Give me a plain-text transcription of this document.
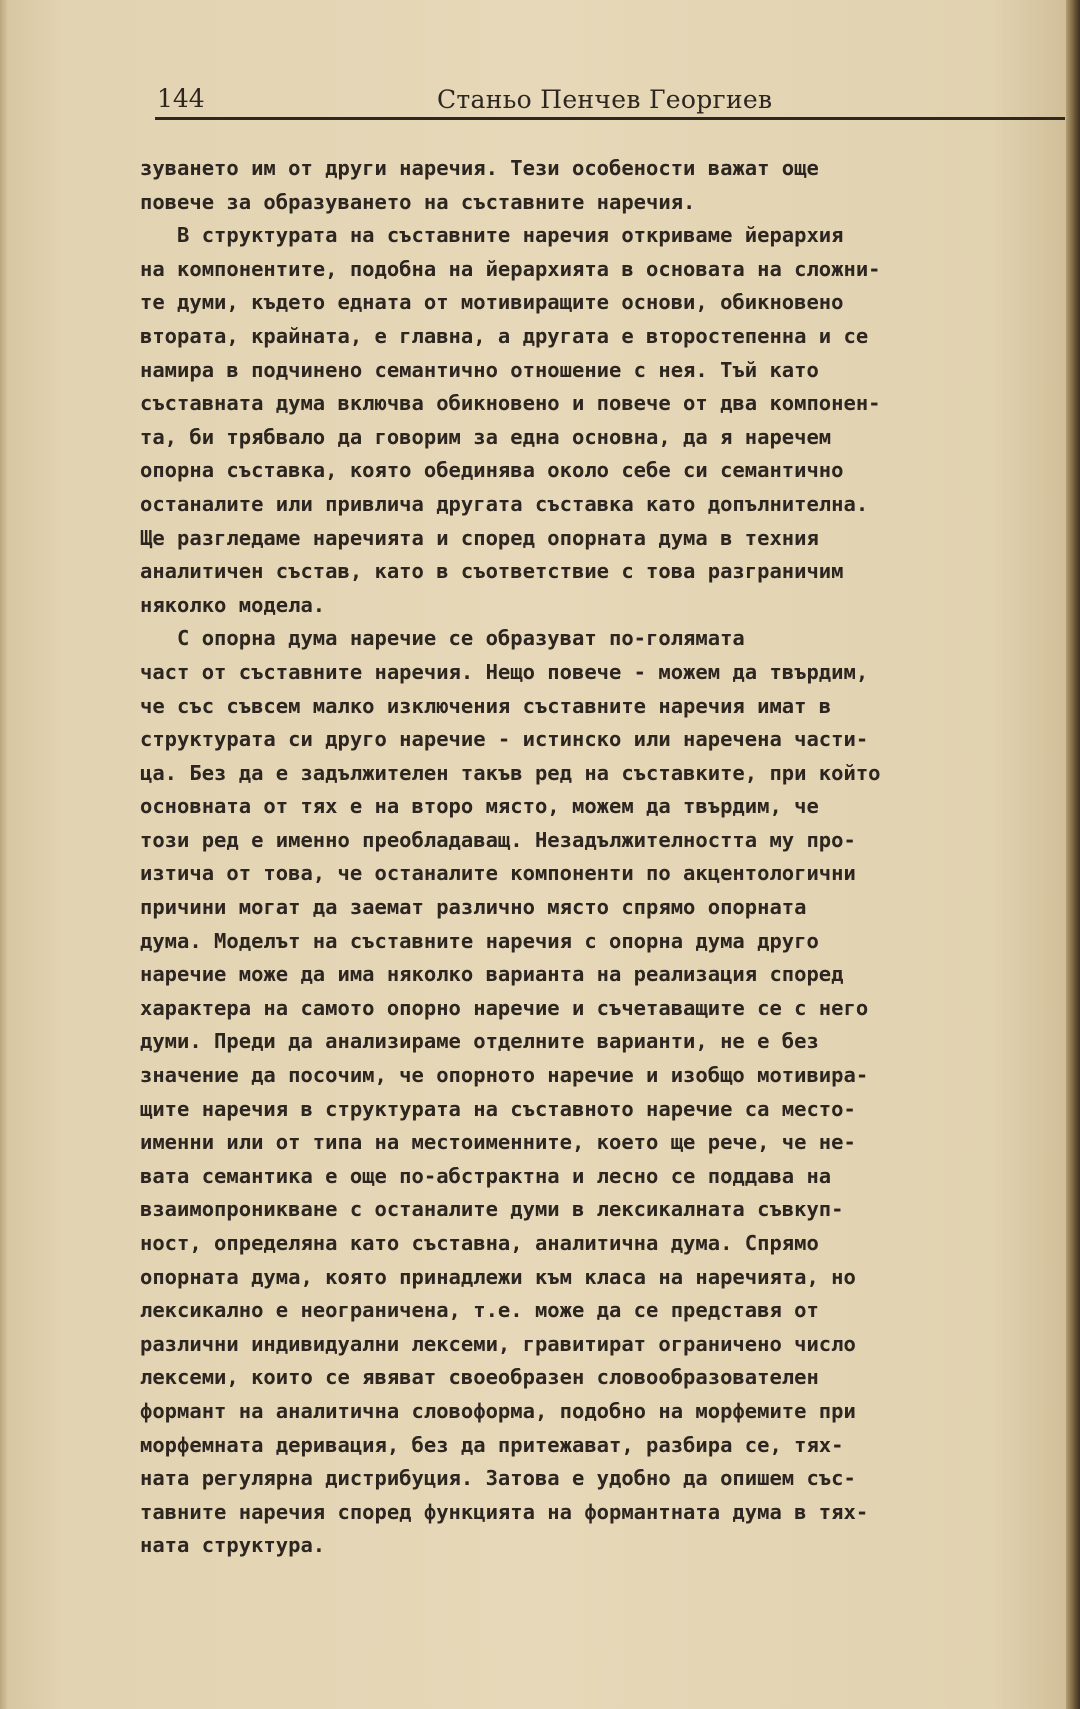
144	Станьо Пенчев Георгиев
зуването им от други наречия. Тези особености важат още
повече за образуването на съставните наречия.
В структурата на съставните наречия откриваме йерархия
на компонентите, подобна на йерархията в основата на сложни-
те думи, където едната от мотивиращите основи, обикновено
втората, крайната, е главна, а другата е второстепенна и се
намира в подчинено семантично отношение с нея. Тъй като
съставната дума включва обикновено и повече от два компонен-
та, би трябвало да говорим за една основна, да я наречем
опорна съставка, която обединява около себе си семантично
останалите или привлича другата съставка като допълнителна.
Ще разгледаме наречията и според опорната дума в техния
аналитичен състав, като в съответствие с това разграничим
няколко модела.
С опорна дума наречие се образуват по-голямата
част от съставните наречия. Нещо повече - можем да твърдим,
че със съвсем малко изключения съставните наречия имат в
структурата си друго наречие - истинско или наречена части-
ца. Без да е задължителен такъв ред на съставките, при който
основната от тях е на второ място, можем да твърдим, че
този ред е именно преобладаващ. Незадължителността му про-
изтича от това, че останалите компоненти по акцентологични
причини могат да заемат различно място спрямо опорната
дума. Моделът на съставните наречия с опорна дума друго
наречие може да има няколко варианта на реализация според
характера на самото опорно наречие и съчетаващите се с него
думи. Преди да анализираме отделните варианти, не е без
значение да посочим, че опорното наречие и изобщо мотивира-
щите наречия в структурата на съставното наречие са место-
именни или от типа на местоименните, което ще рече, че не-
вата семантика е още по-абстрактна и лесно се поддава на
взаимопроникване с останалите думи в лексикалната съвкуп-
ност, определяна като съставна, аналитична дума. Спрямо
опорната дума, която принадлежи към класа на наречията, но
лексикално е неограничена, т.е. може да се представя от
различни индивидуални лексеми, гравитират ограничено число
лексеми, които се явяват своеобразен словообразователен
формант на аналитична словоформа, подобно на морфемите при
морфемната деривация, без да притежават, разбира се, тях-
ната регулярна дистрибуция. Затова е удобно да опишем със-
тавните наречия според функцията на формантната дума в тях-
ната структура.
